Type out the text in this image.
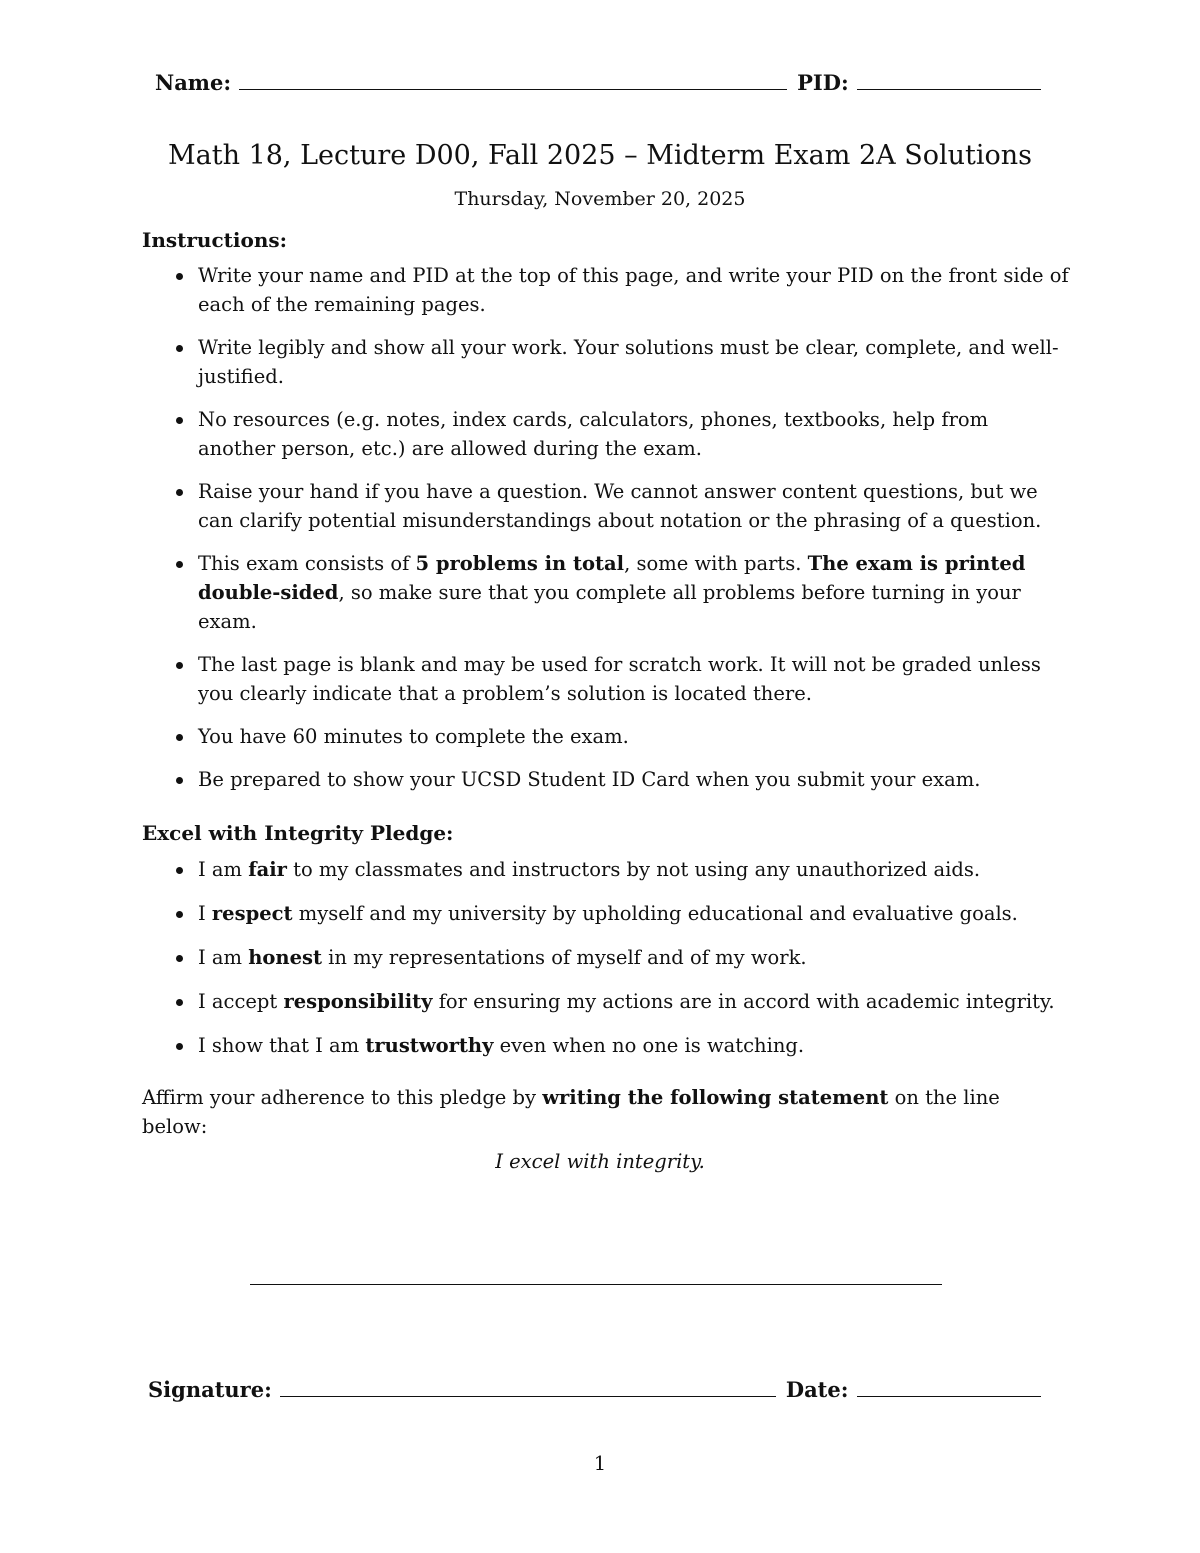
Name:	PID:
Math 18, Lecture D00, Fall 2025 – Midterm Exam 2A Solutions
Thursday, November 20, 2025
Instructions:
Write your name and PID at the top of this page, and write your PID on the front side of each of the remaining pages.
Write legibly and show all your work. Your solutions must be clear, complete, and well-justified.
No resources (e.g. notes, index cards, calculators, phones, textbooks, help from another person, etc.) are allowed during the exam.
Raise your hand if you have a question. We cannot answer content questions, but we can clarify potential misunderstandings about notation or the phrasing of a question.
This exam consists of 5 problems in total, some with parts. The exam is printed double-sided, so make sure that you complete all problems before turning in your exam.
The last page is blank and may be used for scratch work. It will not be graded unless you clearly indicate that a problem’s solution is located there.
You have 60 minutes to complete the exam.
Be prepared to show your UCSD Student ID Card when you submit your exam.
Excel with Integrity Pledge:
I am fair to my classmates and instructors by not using any unauthorized aids.
I respect myself and my university by upholding educational and evaluative goals.
I am honest in my representations of myself and of my work.
I accept responsibility for ensuring my actions are in accord with academic integrity.
I show that I am trustworthy even when no one is watching.
Affirm your adherence to this pledge by writing the following statement on the line below:
I excel with integrity.
Signature:	Date:
1
